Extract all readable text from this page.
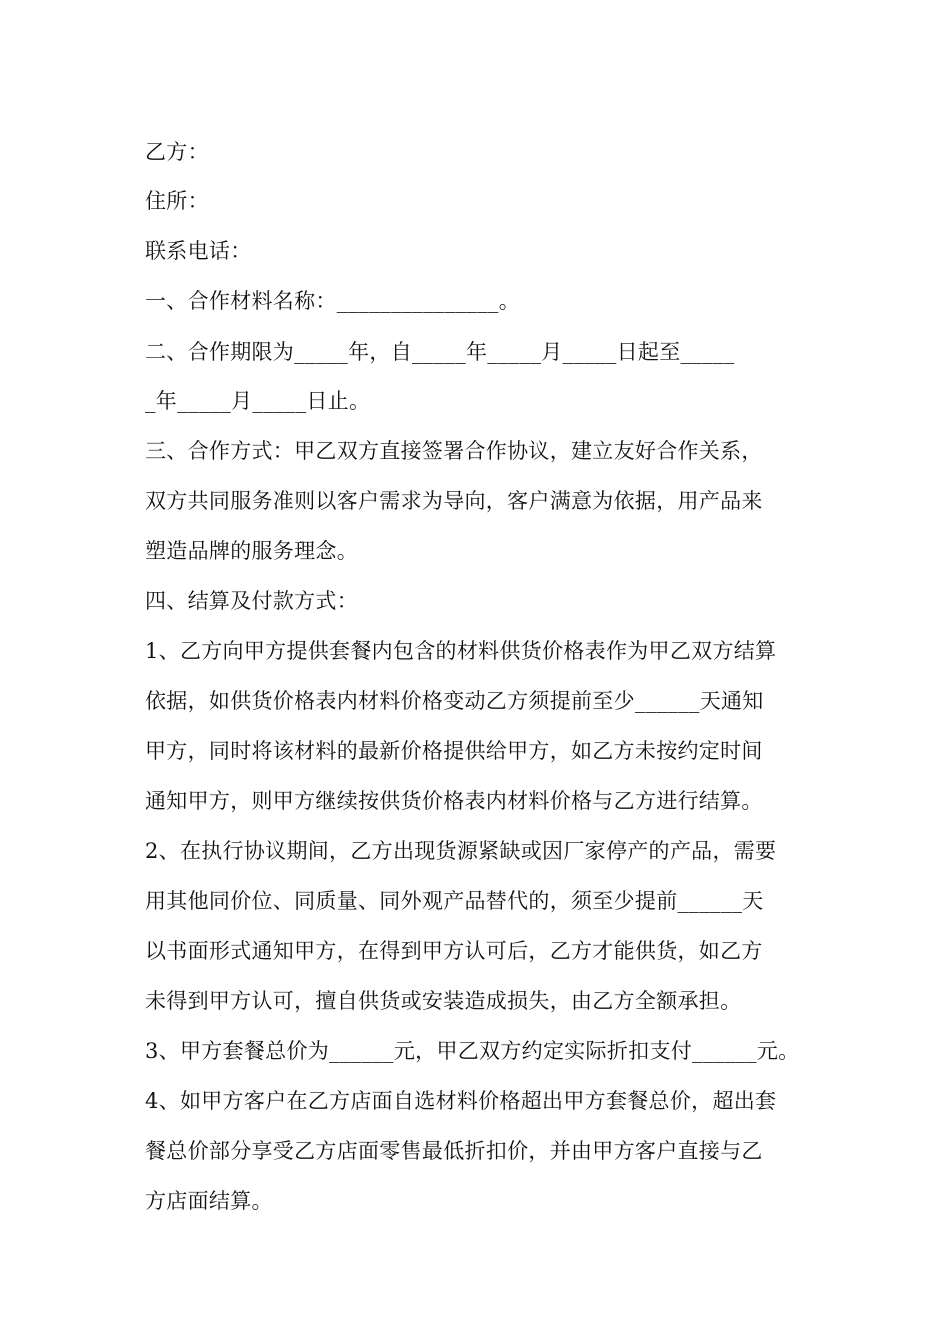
乙方：
住所：
联系电话：
一、合作材料名称：_______________。
二、合作期限为_____年，自_____年_____月_____日起至_____
_年_____月_____日止。
三、合作方式：甲乙双方直接签署合作协议，建立友好合作关系，
双方共同服务准则以客户需求为导向，客户满意为依据，用产品来
塑造品牌的服务理念。
四、结算及付款方式：
1、乙方向甲方提供套餐内包含的材料供货价格表作为甲乙双方结算
依据，如供货价格表内材料价格变动乙方须提前至少______天通知
甲方，同时将该材料的最新价格提供给甲方，如乙方未按约定时间
通知甲方，则甲方继续按供货价格表内材料价格与乙方进行结算。
2、在执行协议期间，乙方出现货源紧缺或因厂家停产的产品，需要
用其他同价位、同质量、同外观产品替代的，须至少提前______天
以书面形式通知甲方，在得到甲方认可后，乙方才能供货，如乙方
未得到甲方认可，擅自供货或安装造成损失，由乙方全额承担。
3、甲方套餐总价为______元，甲乙双方约定实际折扣支付______元。
4、如甲方客户在乙方店面自选材料价格超出甲方套餐总价，超出套
餐总价部分享受乙方店面零售最低折扣价，并由甲方客户直接与乙
方店面结算。
